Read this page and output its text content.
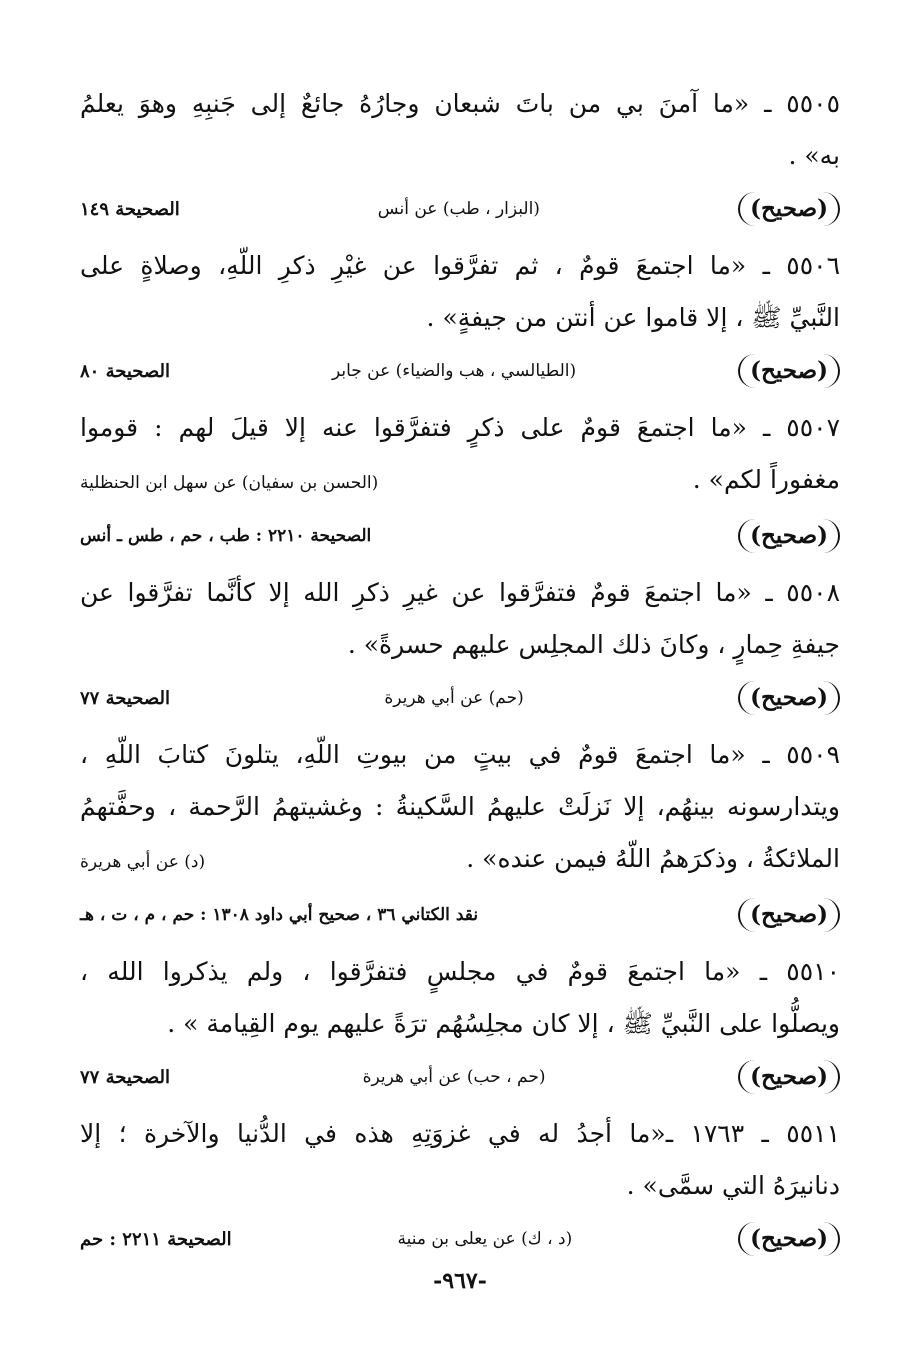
٥٥٠٥ ـ «ما آمنَ بي من باتَ شبعان وجارُهُ جائعٌ إلى جَنبِهِ وهوَ يعلمُ
به» .
(صحيح)
(البزار ، طب) عن أنس
الصحيحة ١٤٩
٥٥٠٦ ـ «ما اجتمعَ قومٌ ، ثم تفرَّقوا عن غيْرِ ذكرِ اللّهِ، وصلاةٍ على
النَّبيِّ ﷺ ، إلا قاموا عن أنتن من جيفةٍ» .
(صحيح)
(الطيالسي ، هب والضياء) عن جابر
الصحيحة ٨٠
٥٥٠٧ ـ «ما اجتمعَ قومٌ على ذكرٍ فتفرَّقوا عنه إلا قيلَ لهم : قوموا
مغفوراً لكم» .
(الحسن بن سفيان) عن سهل ابن الحنظلية
(صحيح)
الصحيحة ٢٢١٠ : طب ، حم ، طس ـ أنس
٥٥٠٨ ـ «ما اجتمعَ قومٌ فتفرَّقوا عن غيرِ ذكرِ الله إلا كأنَّما تفرَّقوا عن
جيفةِ حِمارٍ ، وكانَ ذلك المجلِس عليهم حسرةً» .
(صحيح)
(حم) عن أبي هريرة
الصحيحة ٧٧
٥٥٠٩ ـ «ما اجتمعَ قومٌ في بيتٍ من بيوتِ اللّهِ، يتلونَ كتابَ اللّهِ ،
ويتدارسونه بينهُم، إلا نَزلَتْ عليهمُ السَّكينةُ : وغشيتهمُ الرَّحمة ، وحفَّتهمُ
الملائكةُ ، وذكرَهمُ اللّهُ فيمن عنده» .
(د) عن أبي هريرة
(صحيح)
نقد الكتاني ٣٦ ، صحيح أبي داود ١٣٠٨ : حم ، م ، ت ، هـ
٥٥١٠ ـ «ما اجتمعَ قومٌ في مجلسٍ فتفرَّقوا ، ولم يذكروا الله ،
ويصلُّوا على النَّبيِّ ﷺ ، إلا كان مجلِسُهُم ترَةً عليهم يوم القِيامة » .
(صحيح)
(حم ، حب) عن أبي هريرة
الصحيحة ٧٧
٥٥١١ ـ ١٧٦٣ ـ«ما أجدُ له في غزوَتِهِ هذه في الدُّنيا والآخرة ؛ إلا
دنانيرَهُ التي سمَّى» .
(صحيح)
(د ، ك) عن يعلى بن منية
الصحيحة ٢٢١١ : حم
-٩٦٧-
